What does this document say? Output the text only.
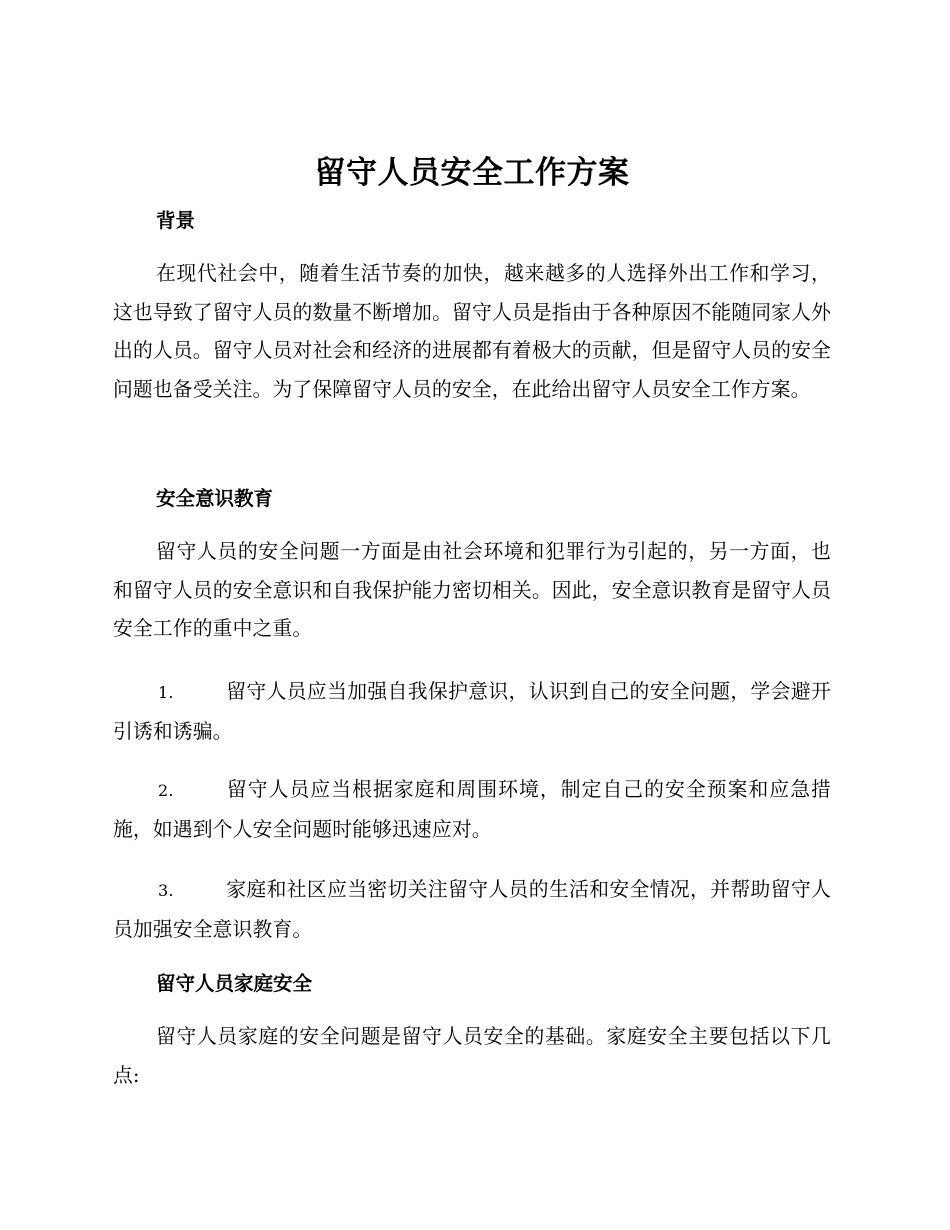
留守人员安全工作方案
背景

在现代社会中，随着生活节奏的加快，越来越多的人选择外出工作和学习，这也导致了留守人员的数量不断增加。留守人员是指由于各种原因不能随同家人外出的人员。留守人员对社会和经济的进展都有着极大的贡献，但是留守人员的安全问题也备受关注。为了保障留守人员的安全，在此给出留守人员安全工作方案。

安全意识教育

留守人员的安全问题一方面是由社会环境和犯罪行为引起的，另一方面，也和留守人员的安全意识和自我保护能力密切相关。因此，安全意识教育是留守人员安全工作的重中之重。

1.	留守人员应当加强自我保护意识，认识到自己的安全问题，学会避开引诱和诱骗。

2.	留守人员应当根据家庭和周围环境，制定自己的安全预案和应急措施，如遇到个人安全问题时能够迅速应对。

3.	家庭和社区应当密切关注留守人员的生活和安全情况，并帮助留守人员加强安全意识教育。

留守人员家庭安全

留守人员家庭的安全问题是留守人员安全的基础。家庭安全主要包括以下几点:
